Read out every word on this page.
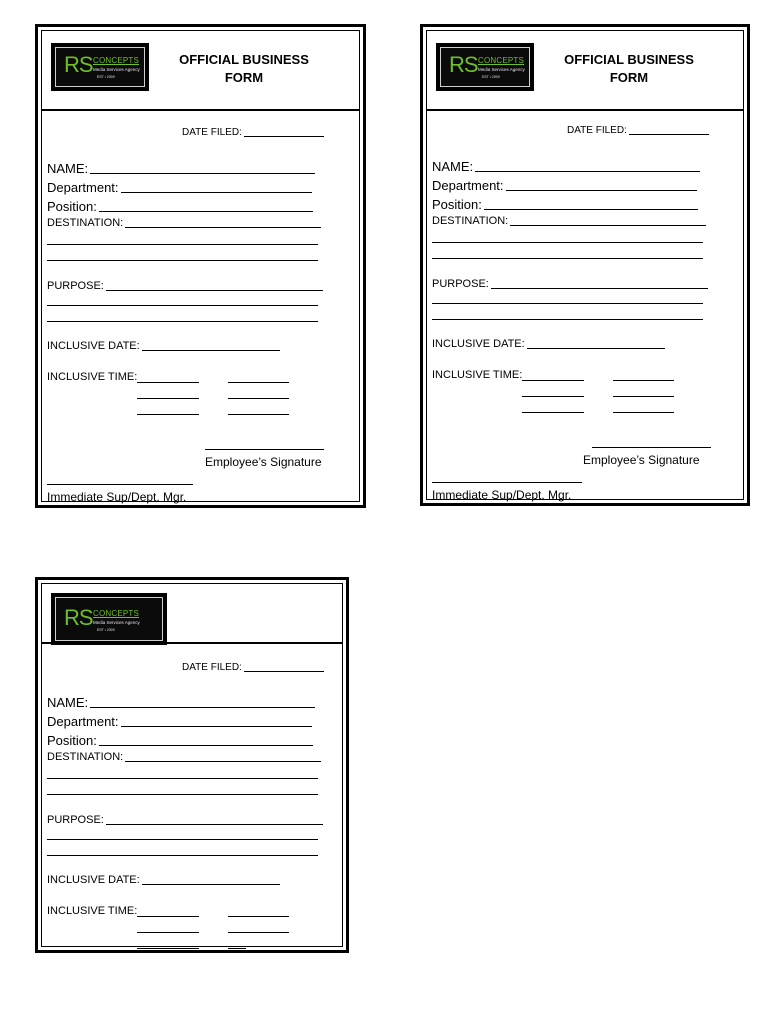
RS CONCEPTS
Media Services Agency
EST • 2009
OFFICIAL BUSINESS
FORM
DATE FILED:
NAME:
Department:
Position:
DESTINATION:
PURPOSE:
INCLUSIVE DATE:
INCLUSIVE TIME:
Employee’s Signature
Immediate Sup/Dept. Mgr.
RS CONCEPTS
Media Services Agency
EST • 2009
OFFICIAL BUSINESS
FORM
DATE FILED:
NAME:
Department:
Position:
DESTINATION:
PURPOSE:
INCLUSIVE DATE:
INCLUSIVE TIME:
Employee’s Signature
Immediate Sup/Dept. Mgr.
RS CONCEPTS
Media Services Agency
EST • 2009
DATE FILED:
NAME:
Department:
Position:
DESTINATION:
PURPOSE:
INCLUSIVE DATE:
INCLUSIVE TIME:
